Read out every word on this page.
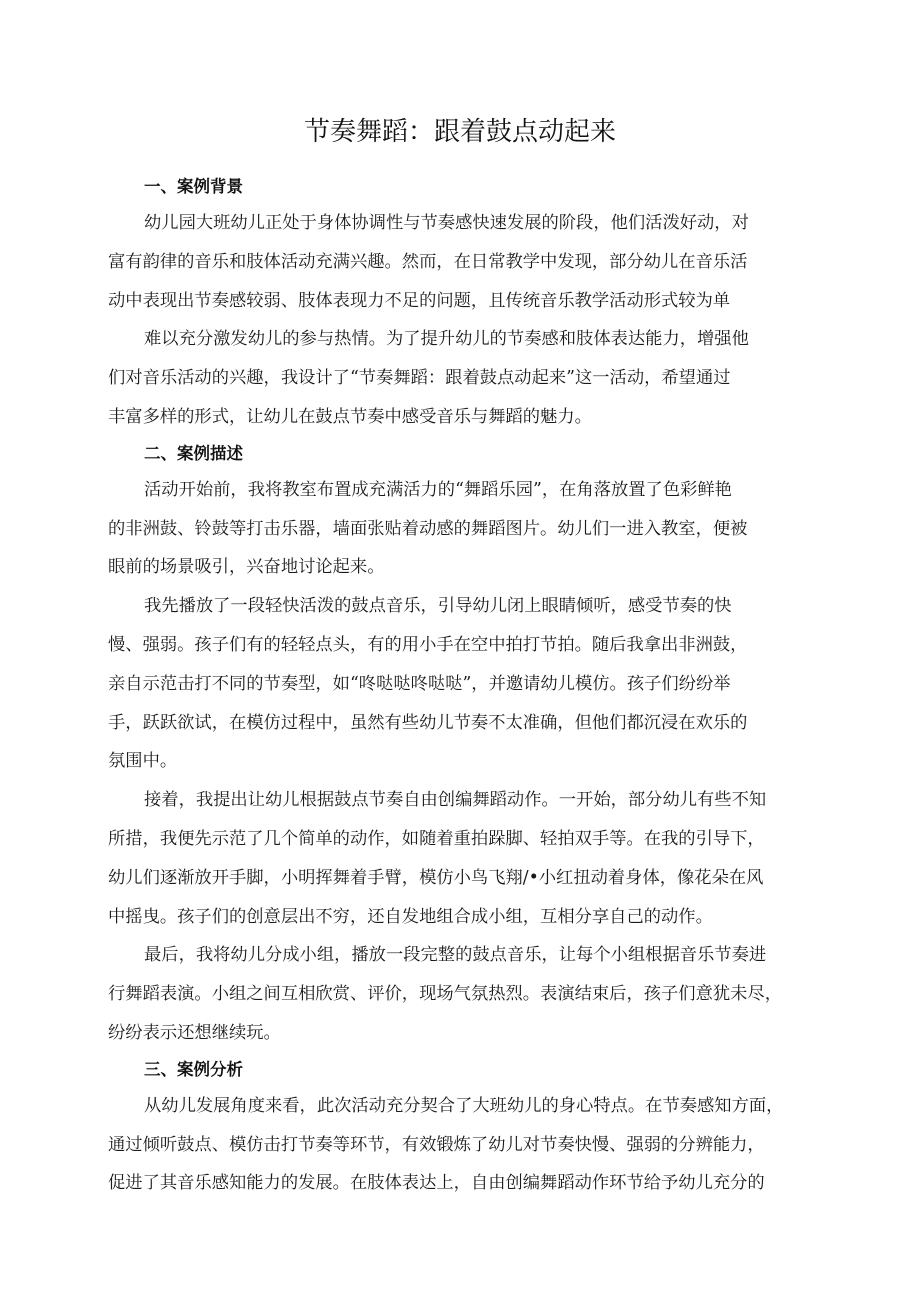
节奏舞蹈：跟着鼓点动起来
一、案例背景
幼儿园大班幼儿正处于身体协调性与节奏感快速发展的阶段，他们活泼好动，对
富有韵律的音乐和肢体活动充满兴趣。然而，在日常教学中发现，部分幼儿在音乐活
动中表现出节奏感较弱、肢体表现力不足的问题，且传统音乐教学活动形式较为单
难以充分激发幼儿的参与热情。为了提升幼儿的节奏感和肢体表达能力，增强他
们对音乐活动的兴趣，我设计了“节奏舞蹈：跟着鼓点动起来”这一活动，希望通过
丰富多样的形式，让幼儿在鼓点节奏中感受音乐与舞蹈的魅力。
二、案例描述
活动开始前，我将教室布置成充满活力的“舞蹈乐园”，在角落放置了色彩鲜艳
的非洲鼓、铃鼓等打击乐器，墙面张贴着动感的舞蹈图片。幼儿们一进入教室，便被
眼前的场景吸引，兴奋地讨论起来。
我先播放了一段轻快活泼的鼓点音乐，引导幼儿闭上眼睛倾听，感受节奏的快
慢、强弱。孩子们有的轻轻点头，有的用小手在空中拍打节拍。随后我拿出非洲鼓，
亲自示范击打不同的节奏型，如“咚哒哒咚哒哒”，并邀请幼儿模仿。孩子们纷纷举
手，跃跃欲试，在模仿过程中，虽然有些幼儿节奏不太准确，但他们都沉浸在欢乐的
氛围中。
接着，我提出让幼儿根据鼓点节奏自由创编舞蹈动作。一开始，部分幼儿有些不知
所措，我便先示范了几个简单的动作，如随着重拍跺脚、轻拍双手等。在我的引导下，
幼儿们逐渐放开手脚，小明挥舞着手臂，模仿小鸟飞翔/•小红扭动着身体，像花朵在风
中摇曳。孩子们的创意层出不穷，还自发地组合成小组，互相分享自己的动作。
最后，我将幼儿分成小组，播放一段完整的鼓点音乐，让每个小组根据音乐节奏进
行舞蹈表演。小组之间互相欣赏、评价，现场气氛热烈。表演结束后，孩子们意犹未尽，
纷纷表示还想继续玩。
三、案例分析
从幼儿发展角度来看，此次活动充分契合了大班幼儿的身心特点。在节奏感知方面，
通过倾听鼓点、模仿击打节奏等环节，有效锻炼了幼儿对节奏快慢、强弱的分辨能力，
促进了其音乐感知能力的发展。在肢体表达上，自由创编舞蹈动作环节给予幼儿充分的
